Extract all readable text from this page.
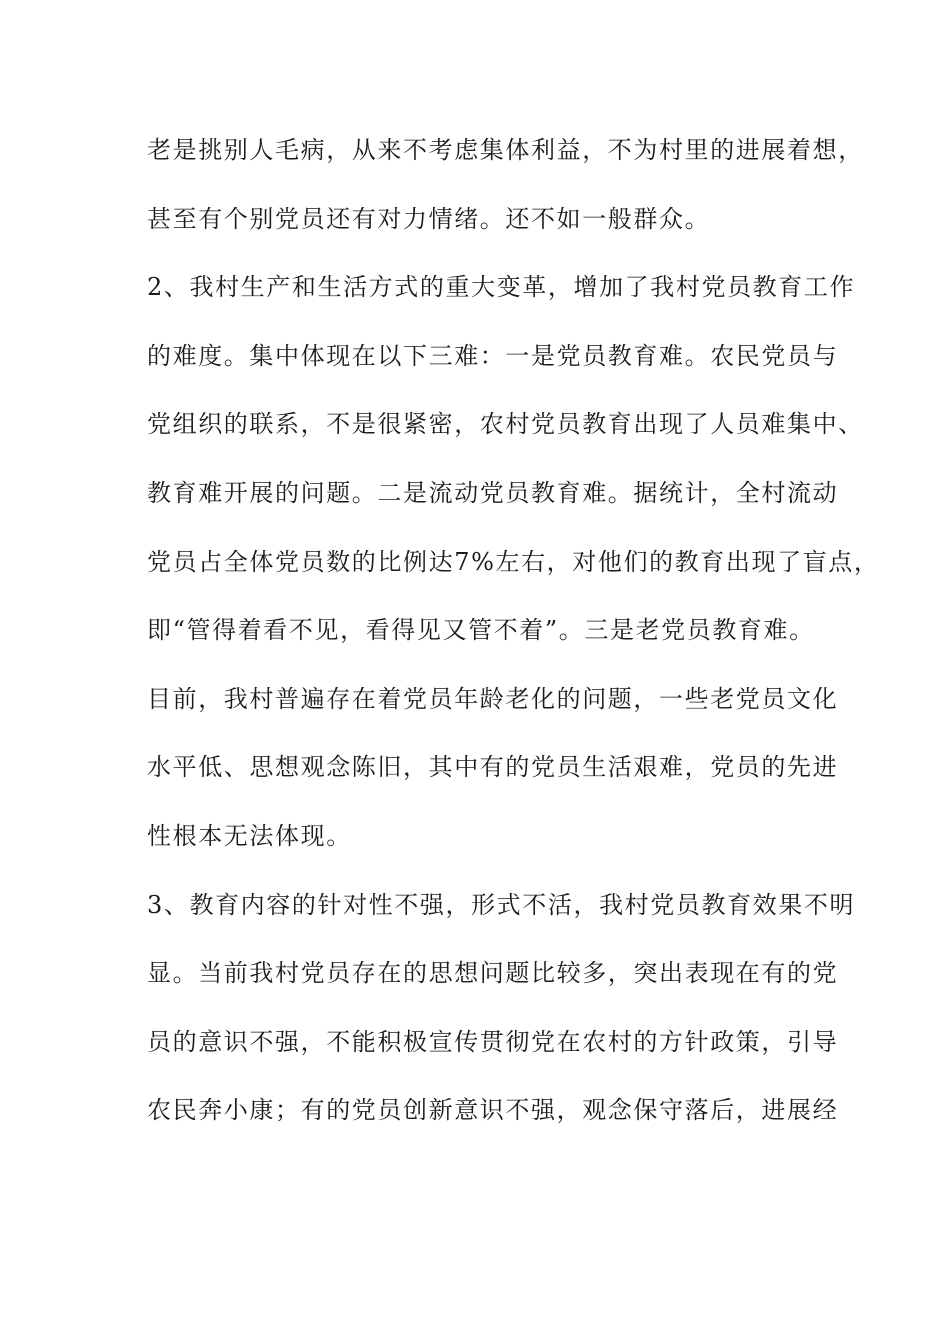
老是挑别人毛病，从来不考虑集体利益，不为村里的进展着想，
甚至有个别党员还有对力情绪。还不如一般群众。
2、我村生产和生活方式的重大变革，增加了我村党员教育工作
的难度。集中体现在以下三难：一是党员教育难。农民党员与
党组织的联系，不是很紧密，农村党员教育出现了人员难集中、
教育难开展的问题。二是流动党员教育难。据统计，全村流动
党员占全体党员数的比例达7%左右，对他们的教育出现了盲点，
即“管得着看不见，看得见又管不着”。三是老党员教育难。
目前，我村普遍存在着党员年龄老化的问题，一些老党员文化
水平低、思想观念陈旧，其中有的党员生活艰难，党员的先进
性根本无法体现。
3、教育内容的针对性不强，形式不活，我村党员教育效果不明
显。当前我村党员存在的思想问题比较多，突出表现在有的党
员的意识不强，不能积极宣传贯彻党在农村的方针政策，引导
农民奔小康；有的党员创新意识不强，观念保守落后，进展经
